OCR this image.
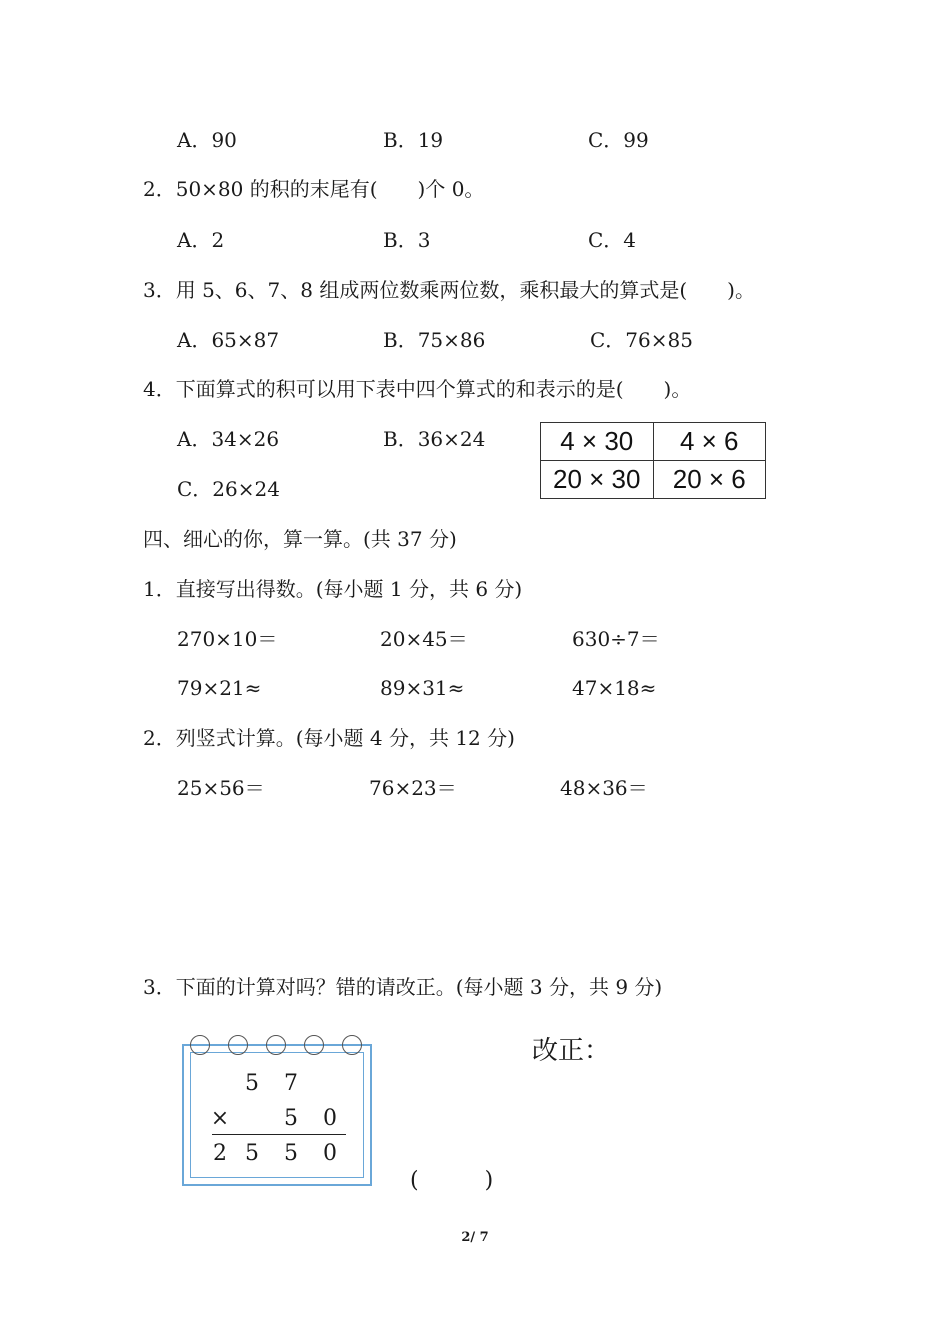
A．90	B．19	C．99
2．50×80 的积的末尾有(　　)个 0。
A．2	B．3	C．4
3．用 5、6、7、8 组成两位数乘两位数，乘积最大的算式是(　　)。
A．65×87	B．75×86	C．76×85
4．下面算式的积可以用下表中四个算式的和表示的是(　　)。
A．34×26	B．36×24
C．26×24
4 × 30	4 × 6
20 × 30	20 × 6
四、细心的你，算一算。(共 37 分)
1．直接写出得数。(每小题 1 分，共 6 分)
270×10＝	20×45＝	630÷7＝
79×21≈	89×31≈	47×18≈
2．列竖式计算。(每小题 4 分，共 12 分)
25×56＝	76×23＝	48×36＝
3．下面的计算对吗？错的请改正。(每小题 3 分，共 9 分)
5 7
× 5 0
2 5 5 0
(　　　)
改正：
2/ 7
